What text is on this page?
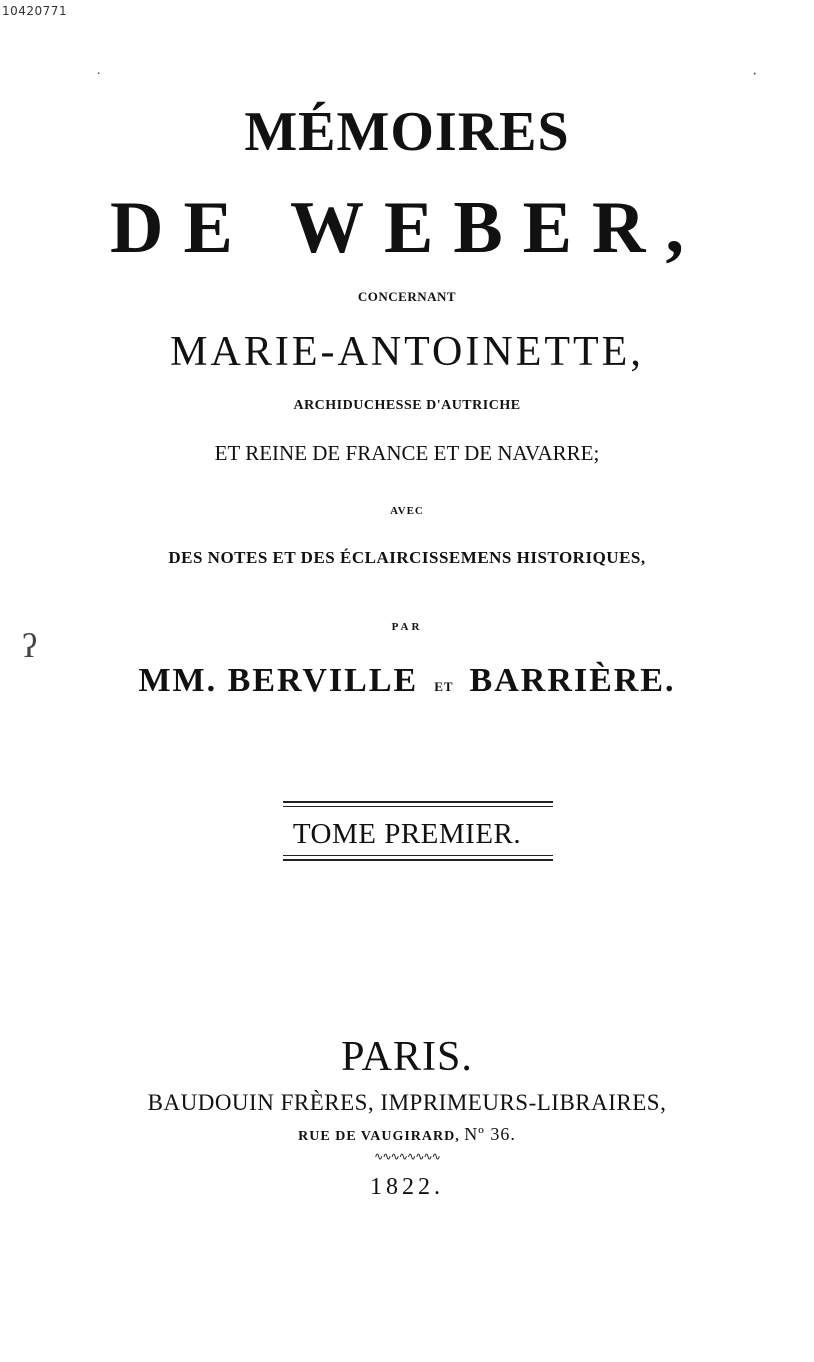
10420771
˙
ʔ
·
MÉMOIRES
DE WEBER,
CONCERNANT
MARIE-ANTOINETTE,
ARCHIDUCHESSE D'AUTRICHE
ET REINE DE FRANCE ET DE NAVARRE;
AVEC
DES NOTES ET DES ÉCLAIRCISSEMENS HISTORIQUES,
PAR
MM. BERVILLE ET BARRIÈRE.
TOME PREMIER.
PARIS.
BAUDOUIN FRÈRES, IMPRIMEURS-LIBRAIRES,
RUE DE VAUGIRARD, Nº 36.
∿∿∿∿∿∿∿∿
1822.
